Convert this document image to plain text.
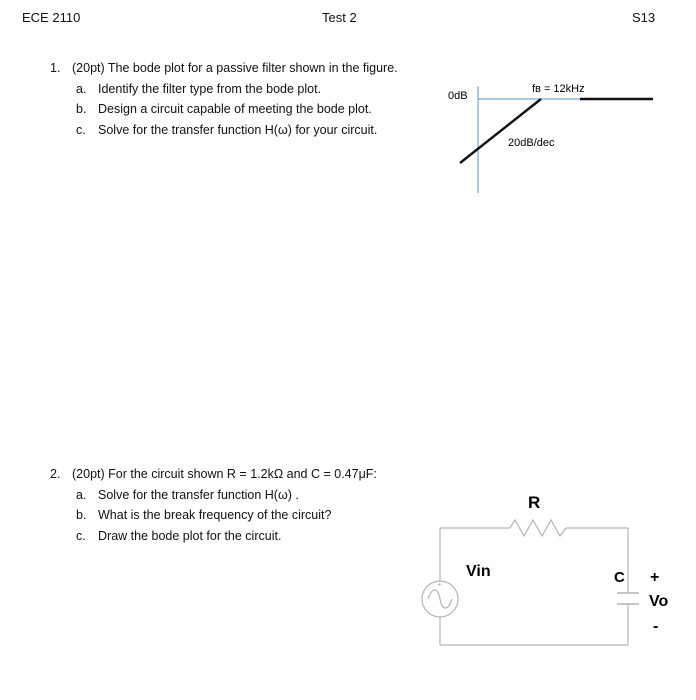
ECE 2110	Test 2	S13
1. (20pt) The bode plot for a passive filter shown in the figure.
a. Identify the filter type from the bode plot.
b. Design a circuit capable of meeting the bode plot.
c. Solve for the transfer function H(ω) for your circuit.
0dB
fʙ = 12kHz
20dB/dec
2. (20pt) For the circuit shown R = 1.2kΩ and C = 0.47μF:
a. Solve for the transfer function H(ω) .
b. What is the break frequency of the circuit?
c. Draw the bode plot for the circuit.
R
+
Vin	C +
Vo
-
